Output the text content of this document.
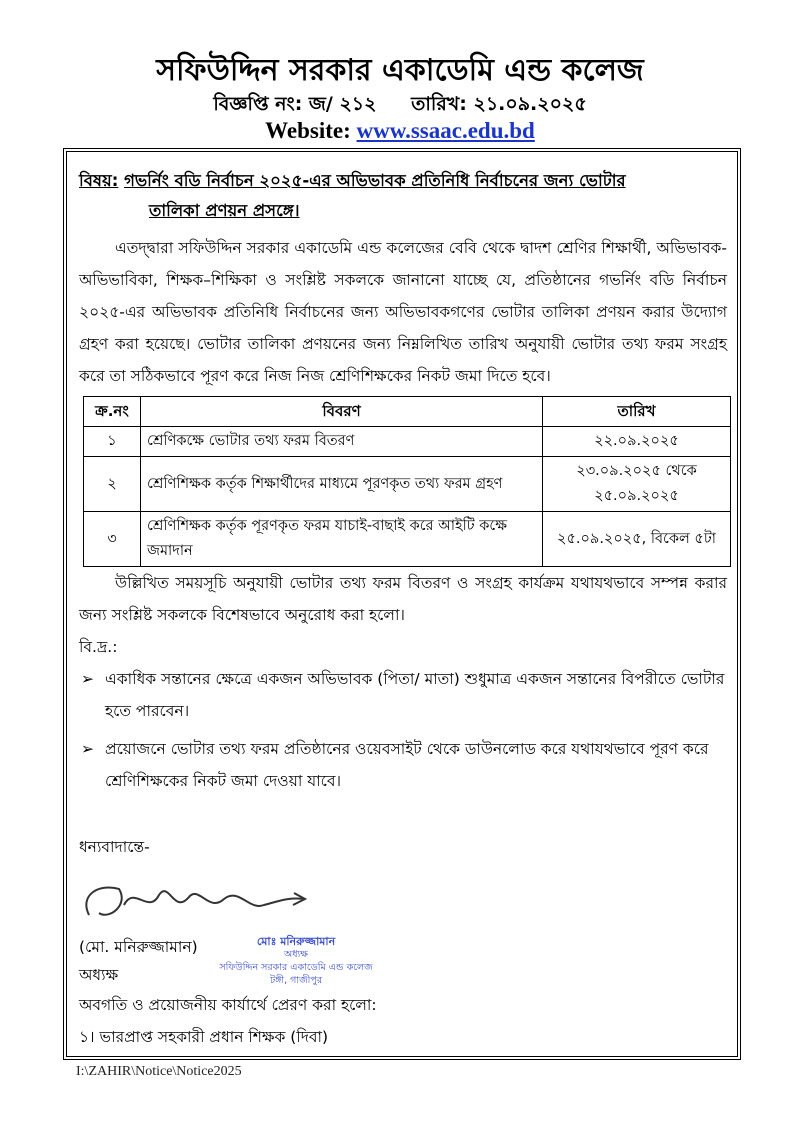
সফিউদ্দিন সরকার একাডেমি এন্ড কলেজ
বিজ্ঞপ্তি নং: জ/ ২১২ তারিখ: ২১.০৯.২০২৫
Website: www.ssaac.edu.bd
বিষয়: গভর্নিং বডি নির্বাচন ২০২৫-এর অভিভাবক প্রতিনিধি নির্বাচনের জন্য ভোটার
তালিকা প্রণয়ন প্রসঙ্গে।

এতদ্দ্বারা সফিউদ্দিন সরকার একাডেমি এন্ড কলেজের বেবি থেকে দ্বাদশ শ্রেণির শিক্ষার্থী, অভিভাবক-অভিভাবিকা, শিক্ষক–শিক্ষিকা ও সংশ্লিষ্ট সকলকে জানানো যাচ্ছে যে, প্রতিষ্ঠানের গভর্নিং বডি নির্বাচন ২০২৫-এর অভিভাবক প্রতিনিধি নির্বাচনের জন্য অভিভাবকগণের ভোটার তালিকা প্রণয়ন করার উদ্যোগ গ্রহণ করা হয়েছে। ভোটার তালিকা প্রণয়নের জন্য নিম্নলিখিত তারিখ অনুযায়ী ভোটার তথ্য ফরম সংগ্রহ করে তা সঠিকভাবে পূরণ করে নিজ নিজ শ্রেণিশিক্ষকের নিকট জমা দিতে হবে।

ক্র.নং	বিবরণ	তারিখ
১	শ্রেণিকক্ষে ভোটার তথ্য ফরম বিতরণ	২২.০৯.২০২৫
২	শ্রেণিশিক্ষক কর্তৃক শিক্ষার্থীদের মাধ্যমে পূরণকৃত তথ্য ফরম গ্রহণ	২৩.০৯.২০২৫ থেকে ২৫.০৯.২০২৫
৩	শ্রেণিশিক্ষক কর্তৃক পূরণকৃত ফরম যাচাই-বাছাই করে আইটি কক্ষে জমাদান	২৫.০৯.২০২৫, বিকেল ৫টা

উল্লিখিত সময়সূচি অনুযায়ী ভোটার তথ্য ফরম বিতরণ ও সংগ্রহ কার্যক্রম যথাযথভাবে সম্পন্ন করার জন্য সংশ্লিষ্ট সকলকে বিশেষভাবে অনুরোধ করা হলো।

বি.দ্র.:
➢ একাধিক সন্তানের ক্ষেত্রে একজন অভিভাবক (পিতা/ মাতা) শুধুমাত্র একজন সন্তানের বিপরীতে ভোটার হতে পারবেন।
➢ প্রয়োজনে ভোটার তথ্য ফরম প্রতিষ্ঠানের ওয়েবসাইট থেকে ডাউনলোড করে যথাযথভাবে পূরণ করে শ্রেণিশিক্ষকের নিকট জমা দেওয়া যাবে।
ধন্যবাদান্তে-
মোঃ মনিরুজ্জামান
অধ্যক্ষ
সফিউদ্দিন সরকার একাডেমি এন্ড কলেজ
টঙ্গী, গাজীপুর
(মো. মনিরুজ্জামান)
অধ্যক্ষ
অবগতি ও প্রয়োজনীয় কার্যার্থে প্রেরণ করা হলো:
১। ভারপ্রাপ্ত সহকারী প্রধান শিক্ষক (দিবা)
I:\ZAHIR\Notice\Notice2025
